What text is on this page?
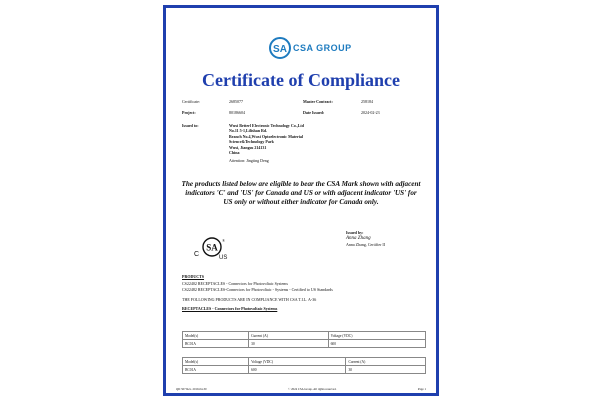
SA CSA GROUP
Certificate of Compliance
Certificate:	2685077	Master Contract:	258184
Project:	80186604	Date Issued:	2024-02-23
Issued to:	Wuxi Betterl Electronic Technology Co.,Ltd
No.11 5-1,Lilishan Rd.
Branch No.4,Wuxi Optoelectronic Material
Science&Technology Park
Wuxi, Jiangsu 214131
China
Attention: Jingting Deng
The products listed below are eligible to bear the CSA Mark shown with adjacent indicators 'C' and 'US' for Canada and US or with adjacent indicator 'US' for US only or without either indicator for Canada only.
SA
C	US
®
Issued by:
Anna Zhang
Anna Zhang, Certifier II
PRODUCTS
CS22402 RECEPTACLES - Connectors for Photovoltaic Systems
CS22482 RECEPTACLES-Connectors for Photovoltaic - Systems - Certified to US Standards
THE FOLLOWING PRODUCTS ARE IN COMPLIANCE WITH CSA T.I.L. A-36
RECEPTACLES - Connectors for Photovoltaic Systems
Model(s)	Current (A)	Voltage (VDC)
BC01A	30	600
Model(s)	Voltage (VDC)	Current (A)
BC01A	600	30
QD 507 Rev. 2019-04-30	© 2024 CSA Group. All rights reserved.	Page 1
